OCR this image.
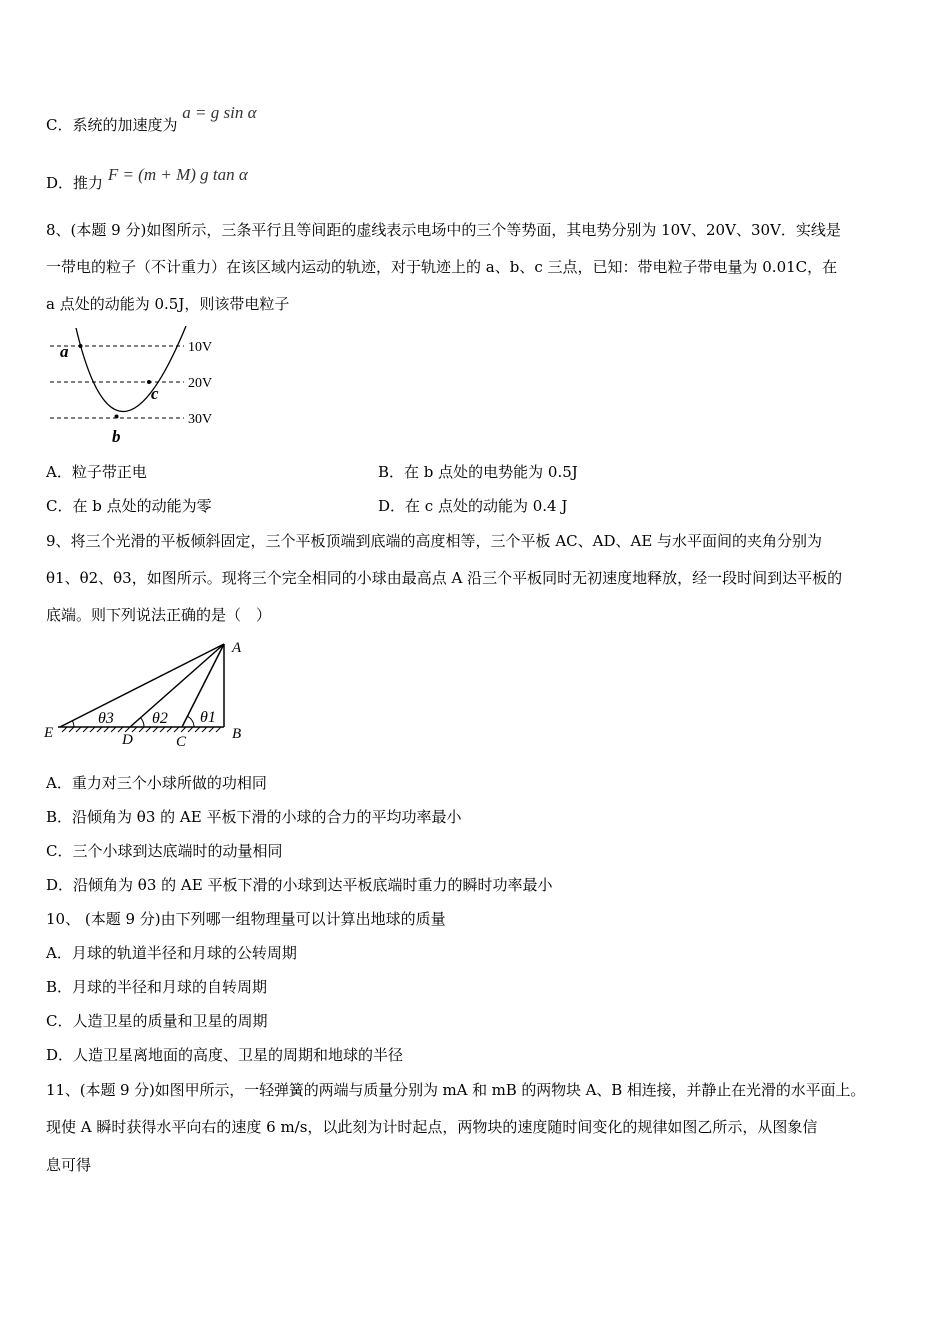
C．系统的加速度为 a = g sin α
D．推力 F = (m + M) g tan α
8、(本题 9 分)如图所示，三条平行且等间距的虚线表示电场中的三个等势面，其电势分别为 10V、20V、30V．实线是
一带电的粒子（不计重力）在该区域内运动的轨迹，对于轨迹上的 a、b、c 三点，已知：带电粒子带电量为 0.01C，在
a 点处的动能为 0.5J，则该带电粒子
10V
20V
30V
a
b
c
A．粒子带正电	B．在 b 点处的电势能为 0.5J
C．在 b 点处的动能为零	D．在 c 点处的动能为 0.4 J
9、将三个光滑的平板倾斜固定，三个平板顶端到底端的高度相等，三个平板 AC、AD、AE 与水平面间的夹角分别为
θ1、θ2、θ3，如图所示。现将三个完全相同的小球由最高点 A 沿三个平板同时无初速度地释放，经一段时间到达平板的
底端。则下列说法正确的是（　）
A
B
C
D
E
θ1
θ2
θ3
A．重力对三个小球所做的功相同
B．沿倾角为 θ3 的 AE 平板下滑的小球的合力的平均功率最小
C．三个小球到达底端时的动量相同
D．沿倾角为 θ3 的 AE 平板下滑的小球到达平板底端时重力的瞬时功率最小
10、 (本题 9 分)由下列哪一组物理量可以计算出地球的质量
A．月球的轨道半径和月球的公转周期
B．月球的半径和月球的自转周期
C．人造卫星的质量和卫星的周期
D．人造卫星离地面的高度、卫星的周期和地球的半径
11、(本题 9 分)如图甲所示，一轻弹簧的两端与质量分别为 mA 和 mB 的两物块 A、B 相连接，并静止在光滑的水平面上。
现使 A 瞬时获得水平向右的速度 6 m/s，以此刻为计时起点，两物块的速度随时间变化的规律如图乙所示，从图象信
息可得
